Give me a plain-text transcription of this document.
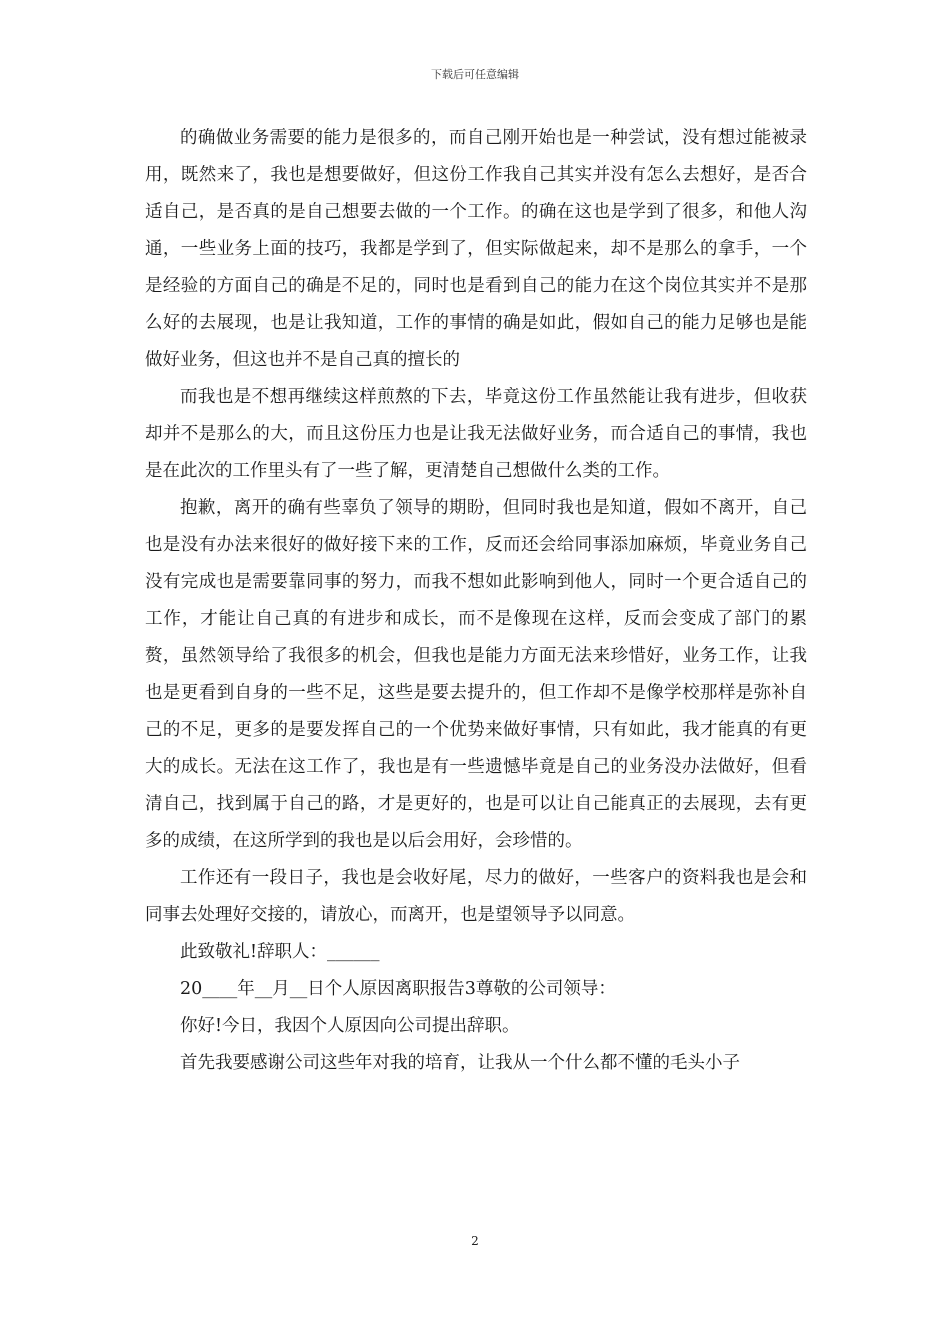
下载后可任意编辑

的确做业务需要的能力是很多的，而自己刚开始也是一种尝试，没有想过能被录用，既然来了，我也是想要做好，但这份工作我自己其实并没有怎么去想好，是否合适自己，是否真的是自己想要去做的一个工作。的确在这也是学到了很多，和他人沟通，一些业务上面的技巧，我都是学到了，但实际做起来，却不是那么的拿手，一个是经验的方面自己的确是不足的，同时也是看到自己的能力在这个岗位其实并不是那么好的去展现，也是让我知道，工作的事情的确是如此，假如自己的能力足够也是能做好业务，但这也并不是自己真的擅长的

而我也是不想再继续这样煎熬的下去，毕竟这份工作虽然能让我有进步，但收获却并不是那么的大，而且这份压力也是让我无法做好业务，而合适自己的事情，我也是在此次的工作里头有了一些了解，更清楚自己想做什么类的工作。

抱歉，离开的确有些辜负了领导的期盼，但同时我也是知道，假如不离开，自己也是没有办法来很好的做好接下来的工作，反而还会给同事添加麻烦，毕竟业务自己没有完成也是需要靠同事的努力，而我不想如此影响到他人，同时一个更合适自己的工作，才能让自己真的有进步和成长，而不是像现在这样，反而会变成了部门的累赘，虽然领导给了我很多的机会，但我也是能力方面无法来珍惜好，业务工作，让我也是更看到自身的一些不足，这些是要去提升的，但工作却不是像学校那样是弥补自己的不足，更多的是要发挥自己的一个优势来做好事情，只有如此，我才能真的有更大的成长。无法在这工作了，我也是有一些遗憾毕竟是自己的业务没办法做好，但看清自己，找到属于自己的路，才是更好的，也是可以让自己能真正的去展现，去有更多的成绩，在这所学到的我也是以后会用好，会珍惜的。

工作还有一段日子，我也是会收好尾，尽力的做好，一些客户的资料我也是会和同事去处理好交接的，请放心，而离开，也是望领导予以同意。

此致敬礼!辞职人：______

20____年__月__日个人原因离职报告3尊敬的公司领导：

你好!今日，我因个人原因向公司提出辞职。

首先我要感谢公司这些年对我的培育，让我从一个什么都不懂的毛头小子

2
